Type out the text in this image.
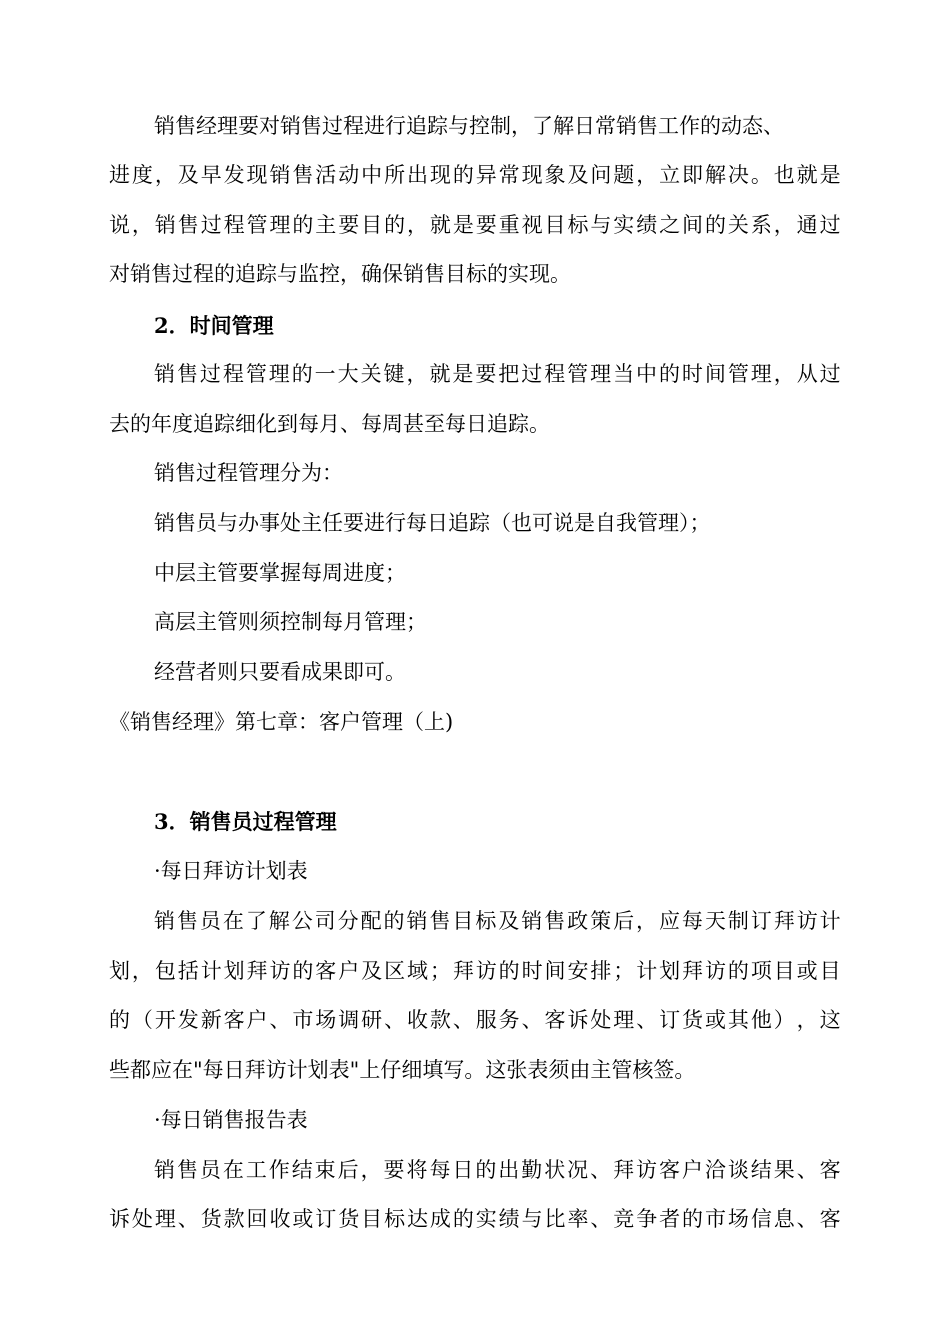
销售经理要对销售过程进行追踪与控制，了解日常销售工作的动态、
进 度 ， 及 早 发 现 销 售 活 动 中 所 出 现 的 异 常 现 象 及 问 题 ， 立 即 解 决 。 也 就 是
说 ， 销 售 过 程 管 理 的 主 要 目 的 ， 就 是 要 重 视 目 标 与 实 绩 之 间 的 关 系 ， 通 过
对销售过程的追踪与监控，确保销售目标的实现。
2．时间管理
销 售 过 程 管 理 的 一 大 关 键 ， 就 是 要 把 过 程 管 理 当 中 的 时 间 管 理 ， 从 过
去的年度追踪细化到每月、每周甚至每日追踪。
销售过程管理分为：
销售员与办事处主任要进行每日追踪（也可说是自我管理）；
中层主管要掌握每周进度；
高层主管则须控制每月管理；
经营者则只要看成果即可。
《销售经理》第七章：客户管理（上)
3．销售员过程管理
·每日拜访计划表
销 售 员 在 了 解 公 司 分 配 的 销 售 目 标 及 销 售 政 策 后 ， 应 每 天 制 订 拜 访 计
划 ， 包 括 计 划 拜 访 的 客 户 及 区 域 ； 拜 访 的 时 间 安 排 ； 计 划 拜 访 的 项 目 或 目
的 （ 开 发 新 客 户 、 市 场 调 研 、 收 款 、 服 务 、 客 诉 处 理 、 订 货 或 其 他 ） ， 这
些都应在"每日拜访计划表"上仔细填写。这张表须由主管核签。
·每日销售报告表
销 售 员 在 工 作 结 束 后 ， 要 将 每 日 的 出 勤 状 况 、 拜 访 客 户 洽 谈 结 果 、 客
诉 处 理 、 货 款 回 收 或 订 货 目 标 达 成 的 实 绩 与 比 率 、 竞 争 者 的 市 场 信 息 、 客
